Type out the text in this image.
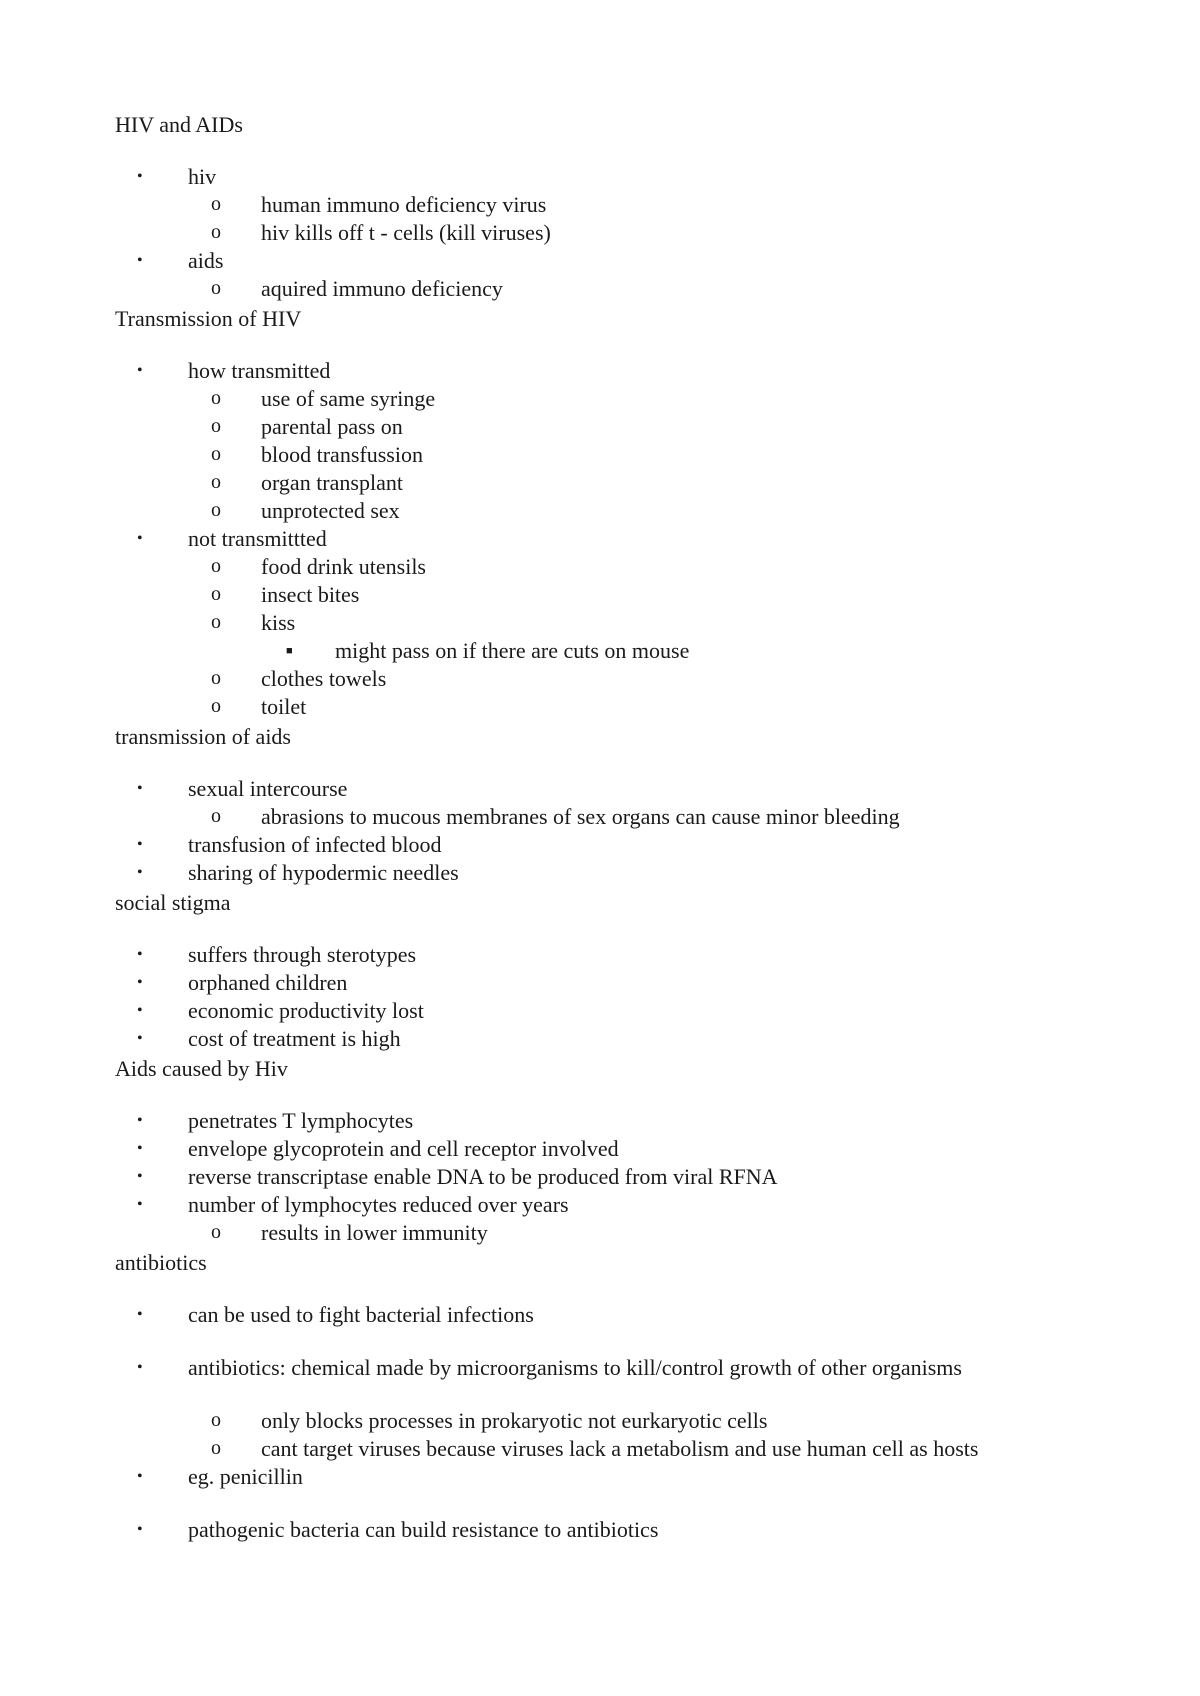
HIV and AIDs
• hiv
o human immuno deficiency virus
o hiv kills off t - cells (kill viruses)
• aids
o aquired immuno deficiency
Transmission of HIV
• how transmitted
o use of same syringe
o parental pass on
o blood transfussion
o organ transplant
o unprotected sex
• not transmittted
o food drink utensils
o insect bites
o kiss
■ might pass on if there are cuts on mouse
o clothes towels
o toilet
transmission of aids
• sexual intercourse
o abrasions to mucous membranes of sex organs can cause minor bleeding
• transfusion of infected blood
• sharing of hypodermic needles
social stigma
• suffers through sterotypes
• orphaned children
• economic productivity lost
• cost of treatment is high
Aids caused by Hiv
• penetrates T lymphocytes
• envelope glycoprotein and cell receptor involved
• reverse transcriptase enable DNA to be produced from viral RFNA
• number of lymphocytes reduced over years
o results in lower immunity
antibiotics
• can be used to fight bacterial infections
• antibiotics: chemical made by microorganisms to kill/control growth of other organisms
o only blocks processes in prokaryotic not eurkaryotic cells
o cant target viruses because viruses lack a metabolism and use human cell as hosts
• eg. penicillin
• pathogenic bacteria can build resistance to antibiotics
